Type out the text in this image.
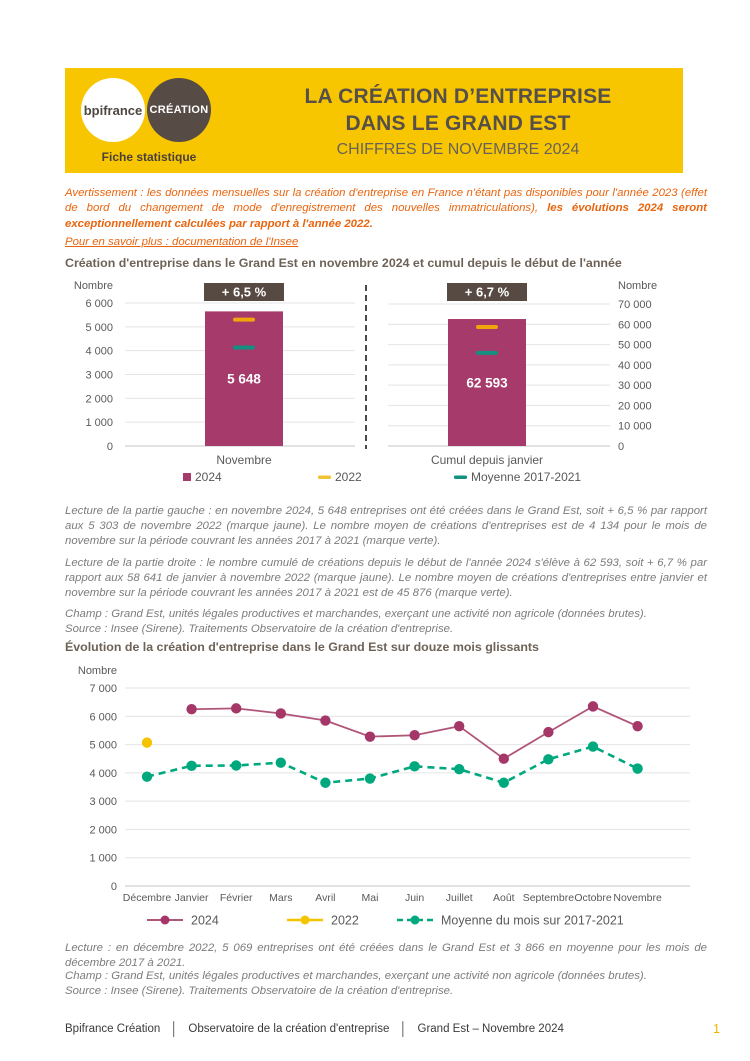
bpifrance CRÉATION
Fiche statistique
LA CRÉATION D’ENTREPRISE
DANS LE GRAND EST
CHIFFRES DE NOVEMBRE 2024

Avertissement : les données mensuelles sur la création d'entreprise en France n'étant pas disponibles pour l'année 2023 (effet de bord du changement de mode d'enregistrement des nouvelles immatriculations), les évolutions 2024 seront exceptionnellement calculées par rapport à l'année 2022.

Pour en savoir plus : documentation de l'Insee

Création d'entreprise dans le Grand Est en novembre 2024 et cumul depuis le début de l'année
0
1 000
2 000
3 000
4 000
5 000
6 000
Nombre
5 648
+ 6,5 %
Novembre
0
10 000
20 000
30 000
40 000
50 000
60 000
70 000
Nombre
62 593
+ 6,7 %
Cumul depuis janvier
2024	2022	Moyenne 2017-2021

Lecture de la partie gauche : en novembre 2024, 5 648 entreprises ont été créées dans le Grand Est, soit + 6,5 % par rapport aux 5 303 de novembre 2022 (marque jaune). Le nombre moyen de créations d'entreprises est de 4 134 pour le mois de novembre sur la période couvrant les années 2017 à 2021 (marque verte).

Lecture de la partie droite : le nombre cumulé de créations depuis le début de l'année 2024 s'élève à 62 593, soit + 6,7 % par rapport aux 58 641 de janvier à novembre 2022 (marque jaune). Le nombre moyen de créations d'entreprises entre janvier et novembre sur la période couvrant les années 2017 à 2021 est de 45 876 (marque verte).

Champ : Grand Est, unités légales productives et marchandes, exerçant une activité non agricole (données brutes).

Source : Insee (Sirene). Traitements Observatoire de la création d'entreprise.

Évolution de la création d'entreprise dans le Grand Est sur douze mois glissants
0
1 000
2 000
3 000
4 000
5 000
6 000
7 000
Nombre
Décembre Janvier Février Mars Avril Mai	Juin Juillet Août Septembre Octobre Novembre
2024	2022	Moyenne du mois sur 2017-2021

Lecture : en décembre 2022, 5 069 entreprises ont été créées dans le Grand Est et 3 866 en moyenne pour les mois de décembre 2017 à 2021.

Champ : Grand Est, unités légales productives et marchandes, exerçant une activité non agricole (données brutes).

Source : Insee (Sirene). Traitements Observatoire de la création d'entreprise.

Bpifrance Création │ Observatoire de la création d'entreprise │ Grand Est – Novembre 2024	1
